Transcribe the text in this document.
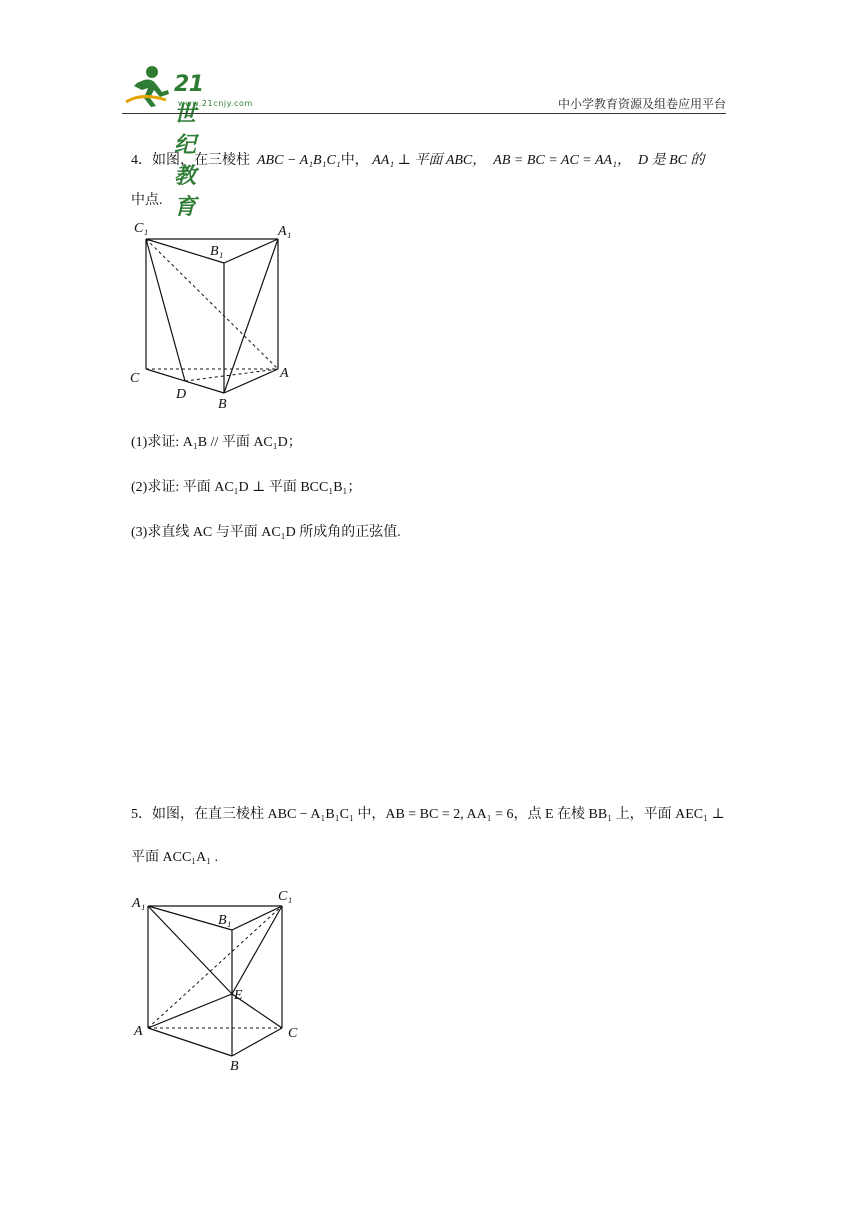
21世纪教育
www.21cnjy.com	中小学教育资源及组卷应用平台
4．如图，在三棱柱 ABC − A₁B₁C₁中， AA₁ ⊥ 平面 ABC， AB = BC = AC = AA₁， D 是 BC 的
中点.
C₁
B₁
A₁
C
D
A
B
(1)求证: A₁B // 平面 AC₁D；
(2)求证: 平面 AC₁D ⊥ 平面 BCC₁B₁；
(3)求直线 AC 与平面 AC₁D 所成角的正弦值.
5．如图，在直三棱柱 ABC − A₁B₁C₁ 中，AB = BC = 2, AA₁ = 6，点 E 在棱 BB₁ 上，平面 AEC₁ ⊥
平面 ACC₁A₁ .
A₁	C₁
B₁
E
A	C
B
